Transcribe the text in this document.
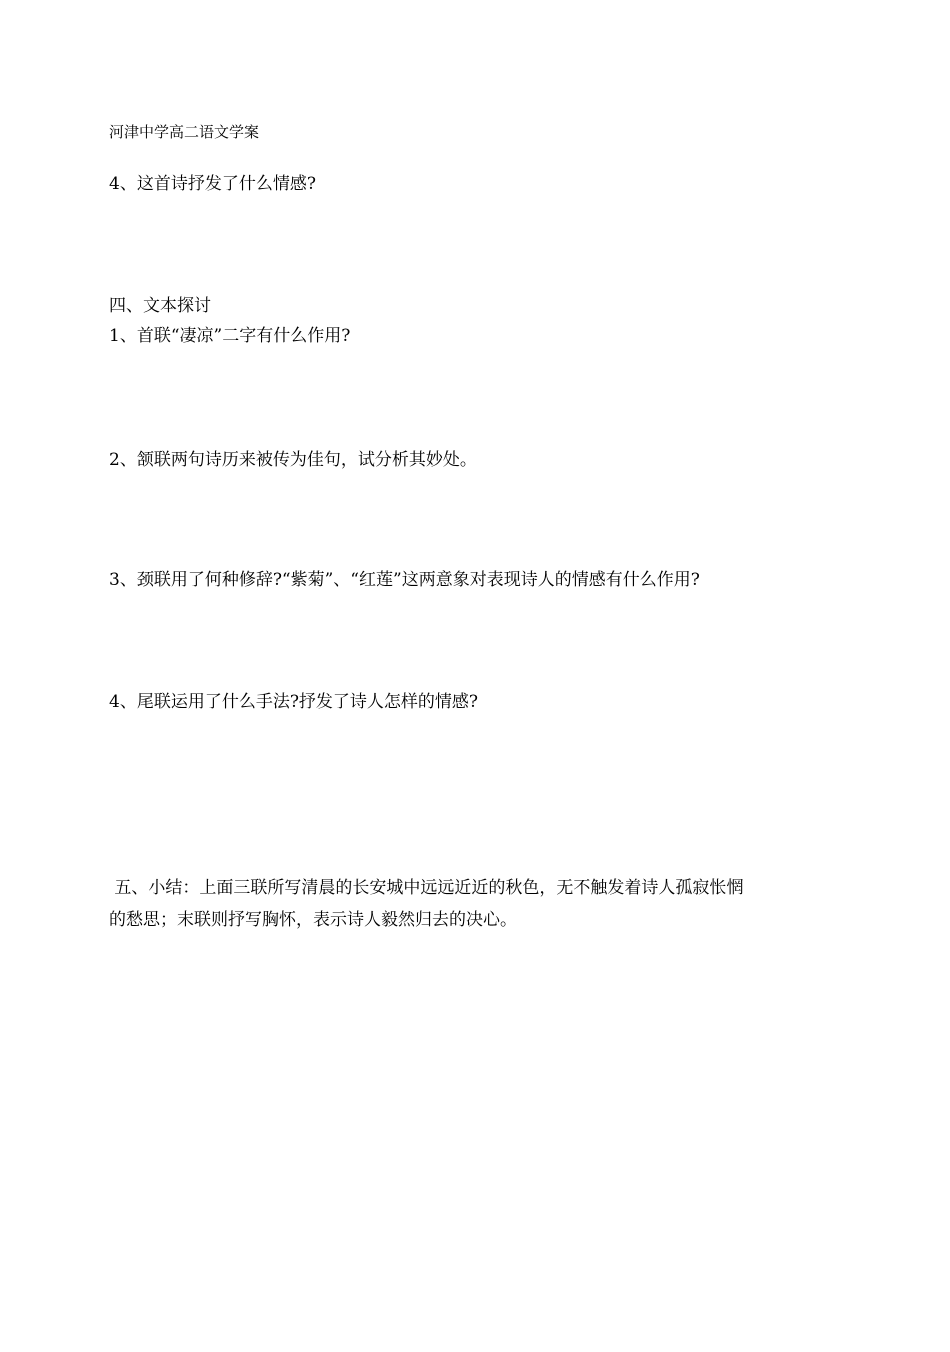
河津中学高二语文学案
4、这首诗抒发了什么情感?
四、文本探讨
1、首联“凄凉”二字有什么作用?
2、颔联两句诗历来被传为佳句，试分析其妙处。
3、颈联用了何种修辞?“紫菊”、“红莲”这两意象对表现诗人的情感有什么作用?
4、尾联运用了什么手法?抒发了诗人怎样的情感?
五、小结：上面三联所写清晨的长安城中远远近近的秋色，无不触发着诗人孤寂怅惘
的愁思；末联则抒写胸怀，表示诗人毅然归去的决心。
